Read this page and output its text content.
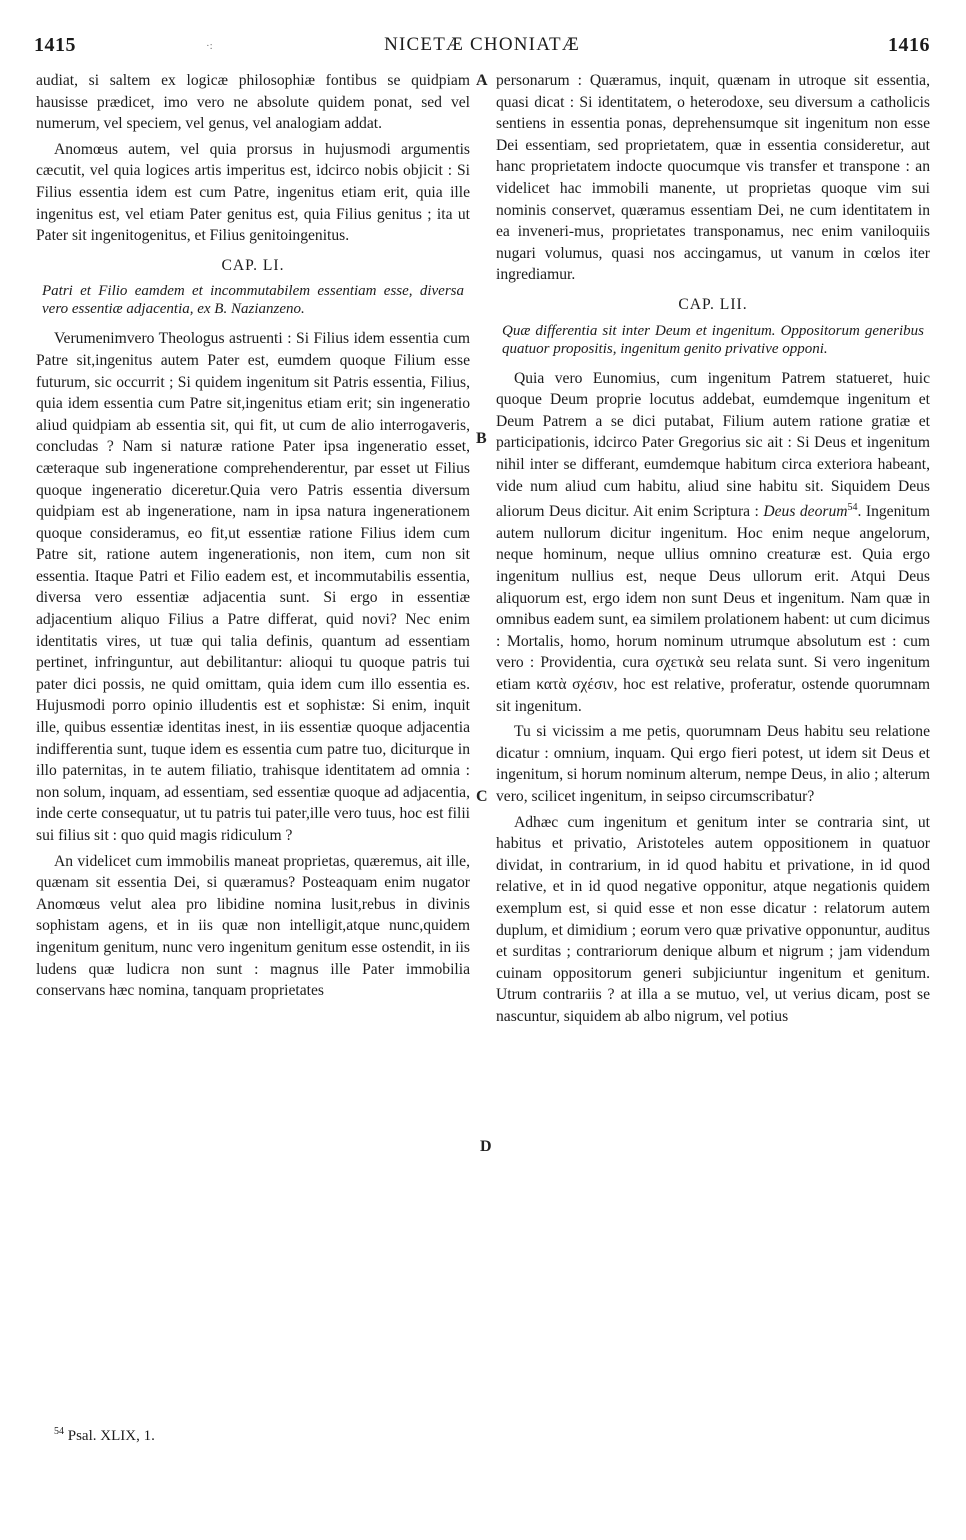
1415	·:	NICETÆ CHONIATÆ	1416

audiat, si saltem ex logicæ philosophiæ fontibus se quidpiam hausisse prædicet, imo vero ne absolute quidem ponat, sed vel numerum, vel speciem, vel genus, vel analogiam addat.

Anomœus autem, vel quia prorsus in hujusmodi argumentis cæcutit, vel quia logices artis imperitus est, idcirco nobis objicit : Si Filius essentia idem est cum Patre, ingenitus etiam erit, quia ille ingenitus est, vel etiam Pater genitus est, quia Filius genitus ; ita ut Pater sit ingenitogenitus, et Filius genitoingenitus.

CAP. LI.
Patri et Filio eamdem et incommutabilem essentiam esse, diversa vero essentiæ adjacentia, ex B. Nazianzeno.

Verumenimvero Theologus astruenti : Si Filius idem essentia cum Patre sit,ingenitus autem Pater est, eumdem quoque Filium esse futurum, sic occurrit ; Si quidem ingenitum sit Patris essentia, Filius, quia idem essentia cum Patre sit,ingenitus etiam erit; sin ingeneratio aliud quidpiam ab essentia sit, qui fit, ut cum de alio interrogaveris, concludas ? Nam si naturæ ratione Pater ipsa ingeneratio esset, cæteraque sub ingeneratione comprehenderentur, par esset ut Filius quoque ingeneratio diceretur.Quia vero Patris essentia diversum quidpiam est ab ingeneratione, nam in ipsa natura ingenerationem quoque consideramus, eo fit,ut essentiæ ratione Filius idem cum Patre sit, ratione autem ingenerationis, non item, cum non sit essentia. Itaque Patri et Filio eadem est, et incommutabilis essentia, diversa vero essentiæ adjacentia sunt. Si ergo in essentiæ adjacentium aliquo Filius a Patre differat, quid novi? Nec enim identitatis vires, ut tuæ qui talia definis, quantum ad essentiam pertinet, infringuntur, aut debilitantur: alioqui tu quoque patris tui pater dici possis, ne quid omittam, quia idem cum illo essentia es. Hujusmodi porro opinio illudentis est et sophistæ: Si enim, inquit ille, quibus essentiæ identitas inest, in iis essentiæ quoque adjacentia indifferentia sunt, tuque idem es essentia cum patre tuo, diciturque in illo paternitas, in te autem filiatio, trahisque identitatem ad omnia : non solum, inquam, ad essentiam, sed essentiæ quoque ad adjacentia, inde certe consequatur, ut tu patris tui pater,ille vero tuus, hoc est filii sui filius sit : quo quid magis ridiculum ?

An videlicet cum immobilis maneat proprietas, quæremus, ait ille, quænam sit essentia Dei, si quæramus? Posteaquam enim nugator Anomœus velut alea pro libidine nomina lusit,rebus in divinis sophistam agens, et in iis quæ non intelligit,atque nunc,quidem ingenitum genitum, nunc vero ingenitum genitum esse ostendit, in iis ludens quæ ludicra non sunt : magnus ille Pater immobilia conservans hæc nomina, tanquam proprietates

personarum : Quæramus, inquit, quænam in utroque sit essentia, quasi dicat : Si identitatem, o heterodoxe, seu diversum a catholicis sentiens in essentia ponas, deprehensumque sit ingenitum non esse Dei essentiam, sed proprietatem, quæ in essentia consideretur, aut hanc proprietatem indocte quocumque vis transfer et transpone : an videlicet hac immobili manente, ut proprietas quoque vim sui nominis conservet, quæramus essentiam Dei, ne cum identitatem in ea inveneri-mus, proprietates transponamus, nec enim vaniloquiis nugari volumus, quasi nos accingamus, ut vanum in cœlos iter ingrediamur.

CAP. LII.
Quæ differentia sit inter Deum et ingenitum. Oppositorum generibus quatuor propositis, ingenitum genito privative opponi.

Quia vero Eunomius, cum ingenitum Patrem statueret, huic quoque Deum proprie locutus addebat, eumdemque ingenitum et Deum Patrem a se dici putabat, Filium autem ratione gratiæ et participationis, idcirco Pater Gregorius sic ait : Si Deus et ingenitum nihil inter se differant, eumdemque habitum circa exteriora habeant, vide num aliud cum habitu, aliud sine habitu sit. Siquidem Deus aliorum Deus dicitur. Ait enim Scriptura : Deus deorum$^{54}$. Ingenitum autem nullorum dicitur ingenitum. Hoc enim neque angelorum, neque hominum, neque ullius omnino creaturæ est. Quia ergo ingenitum nullius est, neque Deus ullorum erit. Atqui Deus aliquorum est, ergo idem non sunt Deus et ingenitum. Nam quæ in omnibus eadem sunt, ea similem prolationem habent: ut cum dicimus : Mortalis, homo, horum nominum utrumque absolutum est : cum vero : Providentia, cura σχετικὰ seu relata sunt. Si vero ingenitum etiam κατὰ σχέσιν, hoc est relative, proferatur, ostende quorumnam sit ingenitum.

Tu si vicissim a me petis, quorumnam Deus habitu seu relatione dicatur : omnium, inquam. Qui ergo fieri potest, ut idem sit Deus et ingenitum, si horum nominum alterum, nempe Deus, in alio ; alterum vero, scilicet ingenitum, in seipso circumscribatur?

Adhæc cum ingenitum et genitum inter se contraria sint, ut habitus et privatio, Aristoteles autem oppositionem in quatuor dividat, in contrarium, in id quod habitu et privatione, in id quod relative, et in id quod negative opponitur, atque negationis quidem exemplum est, si quid esse et non esse dicatur : relatorum autem duplum, et dimidium ; eorum vero quæ privative opponuntur, auditus et surditas ; contrariorum denique album et nigrum ; jam videndum cuinam oppositorum generi subjiciuntur ingenitum et genitum. Utrum contrariis ? at illa a se mutuo, vel, ut verius dicam, post se nascuntur, siquidem ab albo nigrum, vel potius

A
B
C
D
$^{54}$ Psal. XLIX, 1.
